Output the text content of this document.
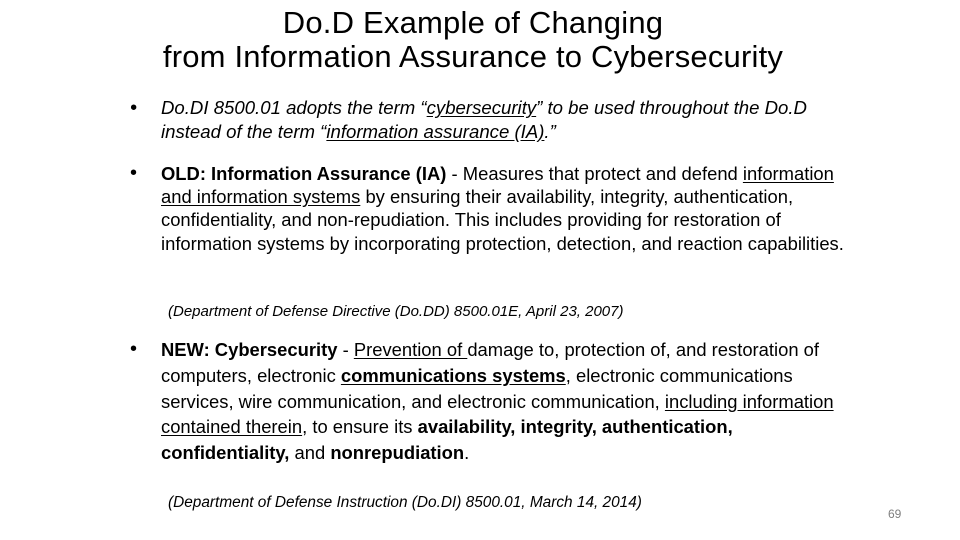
Do.D Example of Changing
from Information Assurance to Cybersecurity
• Do.DI 8500.01 adopts the term “cybersecurity” to be used throughout the Do.D instead of the term “information assurance (IA).”
• OLD: Information Assurance (IA) - Measures that protect and defend information and information systems by ensuring their availability, integrity, authentication, confidentiality, and non-repudiation. This includes providing for restoration of information systems by incorporating protection, detection, and reaction capabilities.
(Department of Defense Directive (Do.DD) 8500.01E, April 23, 2007)
• NEW: Cybersecurity - Prevention of damage to, protection of, and restoration of computers, electronic communications systems, electronic communications services, wire communication, and electronic communication, including information contained therein, to ensure its availability, integrity, authentication, confidentiality, and nonrepudiation.
(Department of Defense Instruction (Do.DI) 8500.01, March 14, 2014)
69
